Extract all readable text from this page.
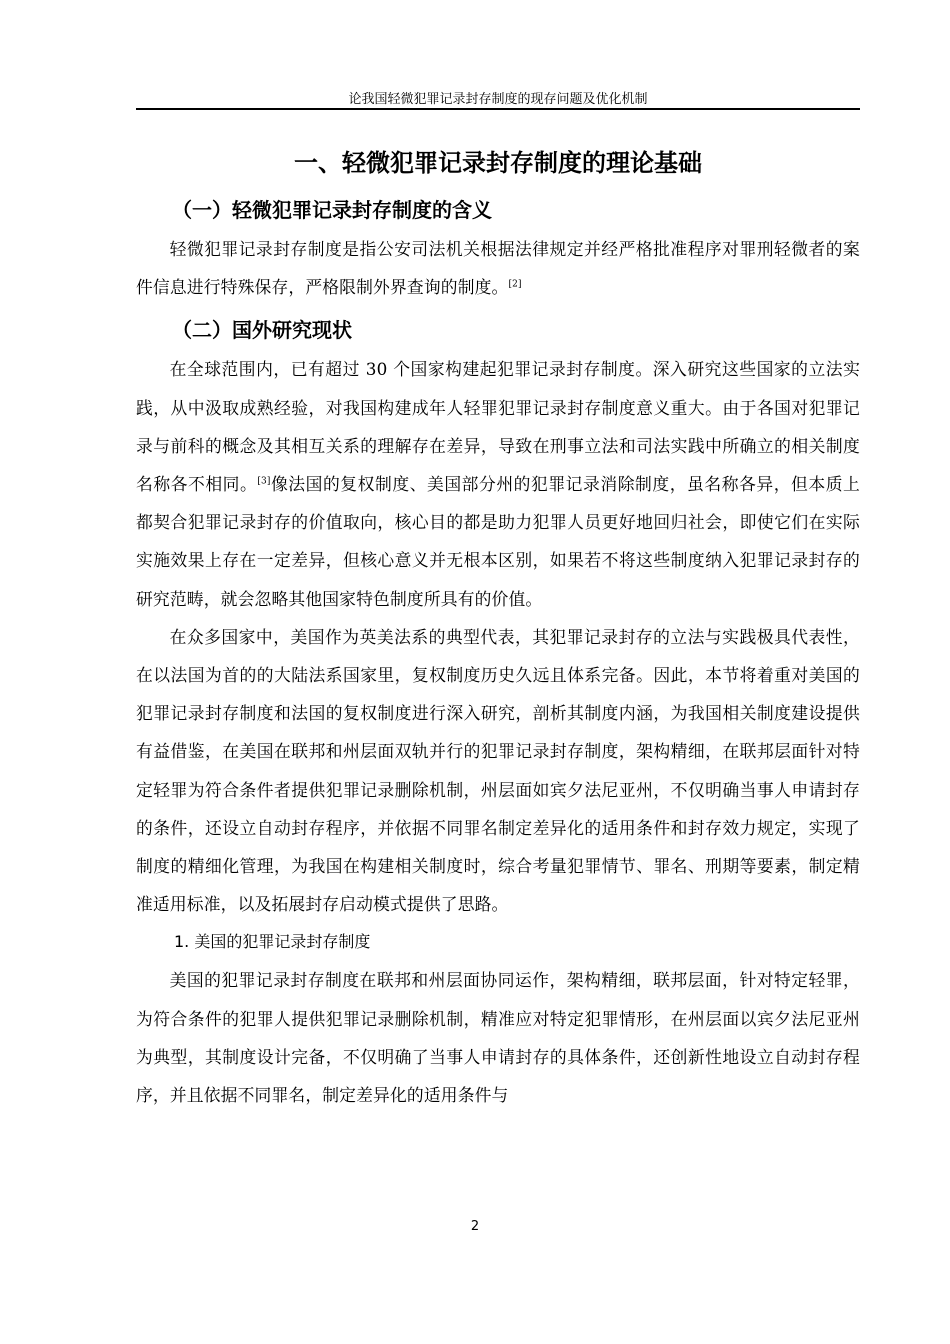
论我国轻微犯罪记录封存制度的现存问题及优化机制
一、轻微犯罪记录封存制度的理论基础
（一）轻微犯罪记录封存制度的含义

轻微犯罪记录封存制度是指公安司法机关根据法律规定并经严格批准程序对罪刑轻微者的案件信息进行特殊保存，严格限制外界查询的制度。[2]

（二）国外研究现状

在全球范围内，已有超过 30 个国家构建起犯罪记录封存制度。深入研究这些国家的立法实践，从中汲取成熟经验，对我国构建成年人轻罪犯罪记录封存制度意义重大。由于各国对犯罪记录与前科的概念及其相互关系的理解存在差异，导致在刑事立法和司法实践中所确立的相关制度名称各不相同。[3]像法国的复权制度、美国部分州的犯罪记录消除制度，虽名称各异，但本质上都契合犯罪记录封存的价值取向，核心目的都是助力犯罪人员更好地回归社会，即使它们在实际实施效果上存在一定差异，但核心意义并无根本区别，如果若不将这些制度纳入犯罪记录封存的研究范畴，就会忽略其他国家特色制度所具有的价值。

在众多国家中，美国作为英美法系的典型代表，其犯罪记录封存的立法与实践极具代表性，在以法国为首的的大陆法系国家里，复权制度历史久远且体系完备。因此，本节将着重对美国的犯罪记录封存制度和法国的复权制度进行深入研究，剖析其制度内涵，为我国相关制度建设提供有益借鉴，在美国在联邦和州层面双轨并行的犯罪记录封存制度，架构精细，在联邦层面针对特定轻罪为符合条件者提供犯罪记录删除机制，州层面如宾夕法尼亚州，不仅明确当事人申请封存的条件，还设立自动封存程序，并依据不同罪名制定差异化的适用条件和封存效力规定，实现了制度的精细化管理，为我国在构建相关制度时，综合考量犯罪情节、罪名、刑期等要素，制定精准适用标准，以及拓展封存启动模式提供了思路。

1. 美国的犯罪记录封存制度

美国的犯罪记录封存制度在联邦和州层面协同运作，架构精细，联邦层面，针对特定轻罪，为符合条件的犯罪人提供犯罪记录删除机制，精准应对特定犯罪情形，在州层面以宾夕法尼亚州为典型，其制度设计完备，不仅明确了当事人申请封存的具体条件，还创新性地设立自动封存程序，并且依据不同罪名，制定差异化的适用条件与

2
